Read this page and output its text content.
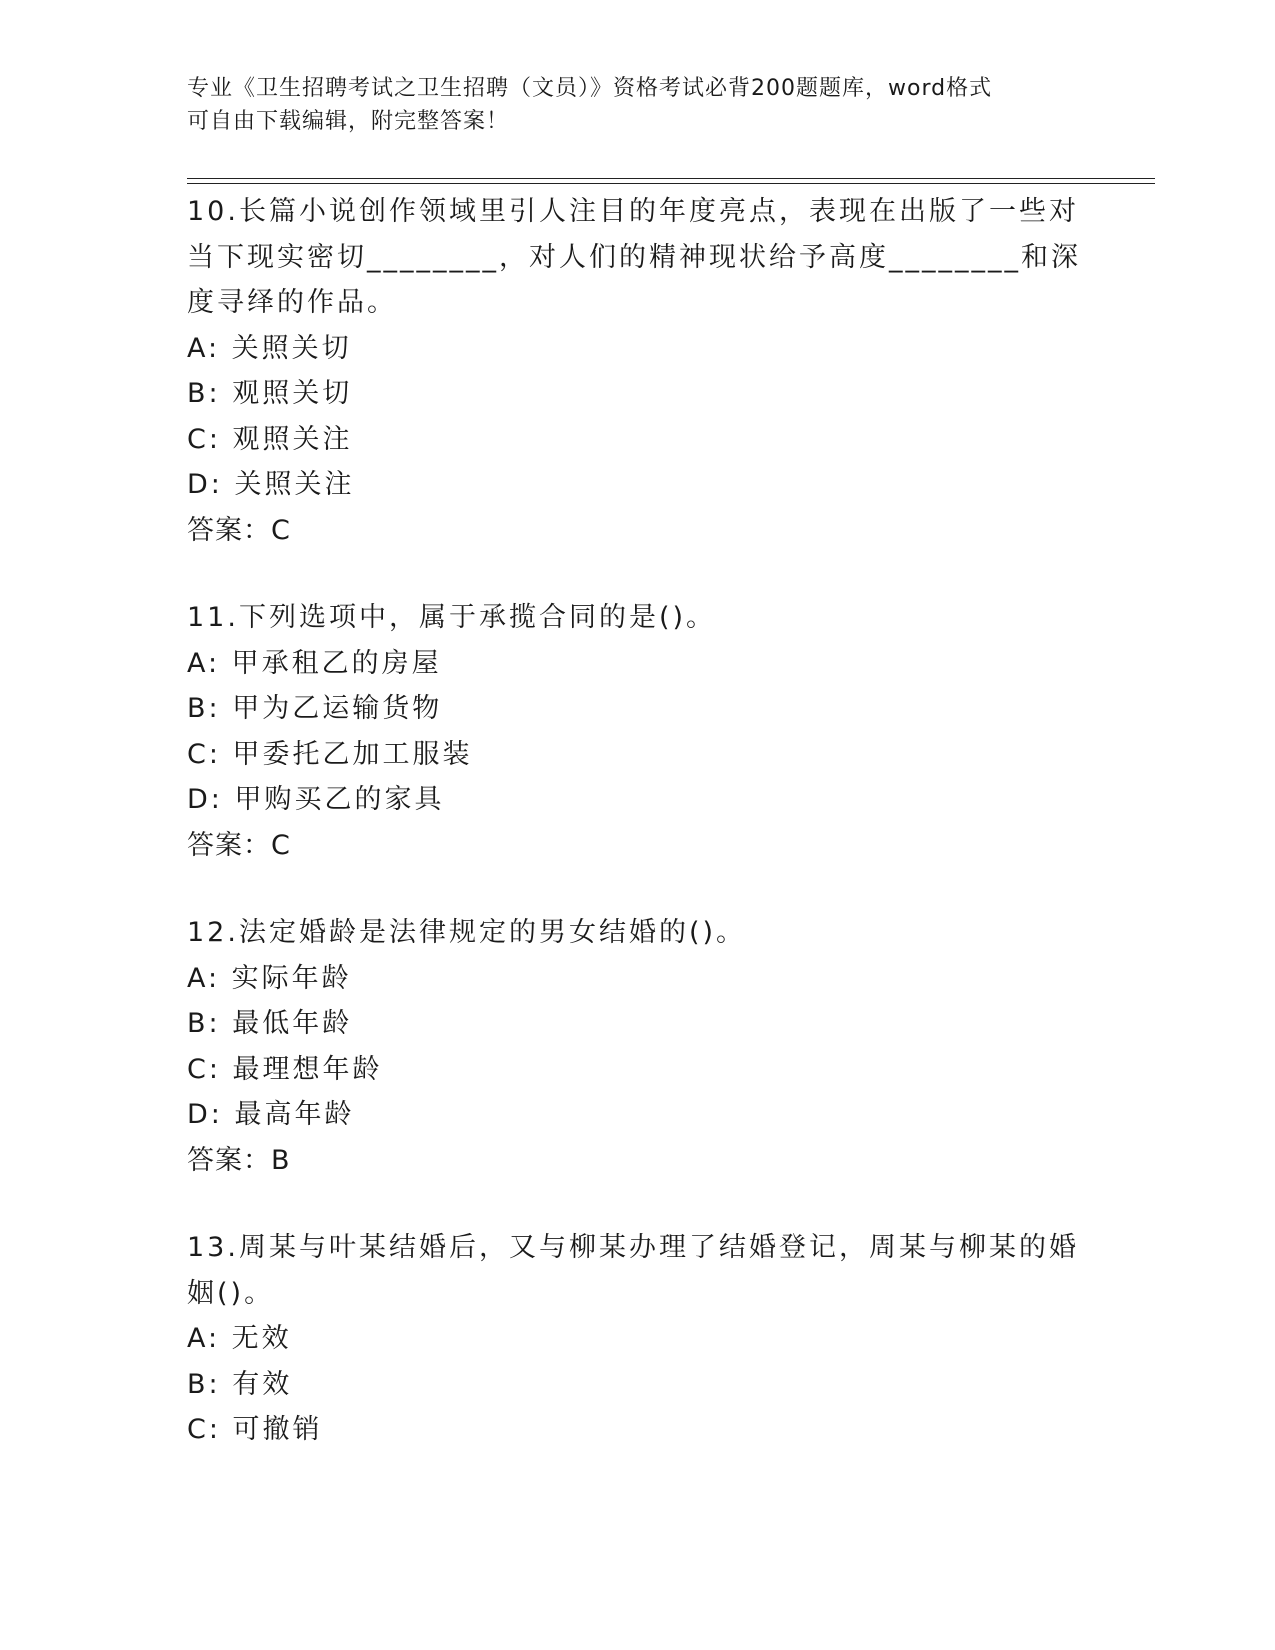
专业《卫生招聘考试之卫生招聘（文员）》资格考试必背200题题库，word格式
可自由下载编辑，附完整答案！

10.长篇小说创作领域里引人注目的年度亮点，表现在出版了一些对当下现实密切________，对人们的精神现状给予高度________和深度寻绎的作品。

A: 关照关切

B: 观照关切

C: 观照关注

D: 关照关注

答案：C

11.下列选项中，属于承揽合同的是()。

A: 甲承租乙的房屋

B: 甲为乙运输货物

C: 甲委托乙加工服装

D: 甲购买乙的家具

答案：C

12.法定婚龄是法律规定的男女结婚的()。

A: 实际年龄

B: 最低年龄

C: 最理想年龄

D: 最高年龄

答案：B

13.周某与叶某结婚后，又与柳某办理了结婚登记，周某与柳某的婚姻()。

A: 无效

B: 有效

C: 可撤销
